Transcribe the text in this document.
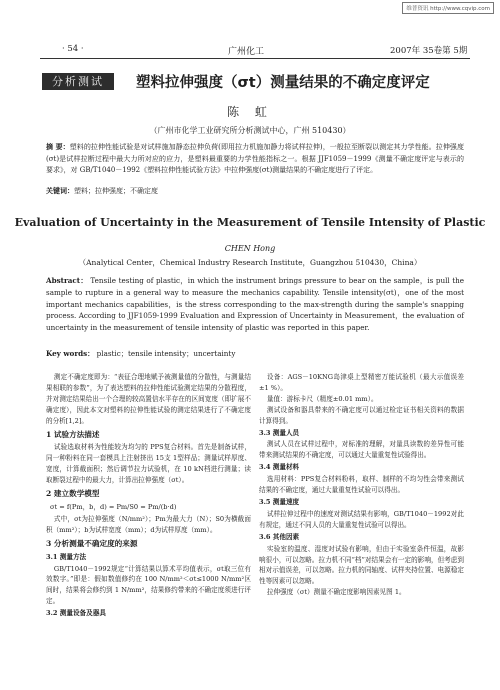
维普资讯 http://www.cqvip.com
· 54 ·	广州化工	2007年 35卷第 5期
分析测试	塑料拉伸强度（σt）测量结果的不确定度评定
陈 虹
（广州市化学工业研究所分析测试中心，广州 510430）
摘 要：塑料的拉伸性能试验是对试样施加静态拉伸负荷(即用拉力机施加静力将试样拉伸)，一般拉至断裂以测定其力学性能。拉伸强度(σt)是试样拉断过程中最大力所对应的应力，是塑料最重要的力学性能指标之一。根据 JJF1059－1999《测量不确定度评定与表示的要求》，对 GB/T1040－1992《塑料拉伸性能试验方法》中拉伸强度(σt)测量结果的不确定度进行了评定。
关键词：塑料；拉伸强度；不确定度
Evaluation of Uncertainty in the Measurement of Tensile Intensity of Plastic
CHEN Hong
（Analytical Center，Chemical Industry Research Institute，Guangzhou 510430，China）
Abstract： Tensile testing of plastic，in which the instrument brings pressure to bear on the sample，is pull the sample to rupture in a general way to measure the mechanics capability. Tensile intensity(σt)，one of the most important mechanics capabilities，is the stress corresponding to the max-strength during the sample's snapping process. According to JJF1059-1999 Evaluation and Expression of Uncertainty in Measurement，the evaluation of uncertainty in the measurement of tensile intensity of plastic was reported in this paper.
Key words： plastic；tensile intensity；uncertainty

测定不确定度即为：“表征合理地赋予被测量值的分散性，与测量结果相联的参数”，为了表达塑料的拉伸性能试验测定结果的分散程度，并对测定结果给出一个合理的较高置信水平存在的区间宽度（即扩展不确定度），因此本文对塑料的拉伸性能试验的测定结果进行了不确定度的分析[1,2]。

1 试验方法描述

试验选取材料为性能较为均匀的 PPS复合材料。首先是制备试样，同一种粉料在同一套模具上注射挤出 15支 1型样品；测量试样厚度、宽度，计算截面积；然后调节拉力试验机，在 10 kN档进行测量；读取断裂过程中的最大力，计算出拉伸强度（σt）。

2 建立数学模型

σt = f(Pm，b，d) = Pm/S0 = Pm/(b·d)

式中，σt为拉伸强度（N/mm²）；Pm为最大力（N）；S0为横截面积（mm²）；b为试样宽度（mm）；d为试样厚度（mm）。

3 分析测量不确定度的来源

3.1 测量方法

GB/T1040－1992规定“计算结果以算术平均值表示，σt取三位有效数字。”即是：假如数值修约在 100 N/mm²＜σt≤1000 N/mm²区间时，结果将会修约到 1 N/mm²，结果修约带来的不确定度须进行评定。

3.2 测量设备及器具

设备：AGS－10KNG岛津桌上型精密万能试验机（最大示值误差±1 %）。

量值：游标卡尺（精度±0.01 mm）。

测试设备和器具带来的不确定度可以通过检定证书相关资料的数据计算得到。

3.3 测量人员

测试人员在试样过程中，对标准的理解，对量具读数的差异性可能带来测试结果的不确定度，可以通过大量重复性试验得出。

3.4 测量材料

选用材料：PPS复合材料粉料，取样、制样的不均匀性会带来测试结果的不确定度，通过大量重复性试验可以得出。

3.5 测量速度

试样拉伸过程中的速度对测试结果有影响，GB/T1040－1992对此有规定，通过不同人员的大量重复性试验可以得出。

3.6 其他因素

实验室的温度、湿度对试验有影响，但由于实验室条件恒温，故影响很小，可以忽略。拉力机不同“档”对结果会有一定的影响，但考虑到相对示值误差，可以忽略。拉力机的同轴度、试样夹持位置、电源稳定性等因素可以忽略。

拉伸强度（σt）测量不确定度影响因素见图 1。
